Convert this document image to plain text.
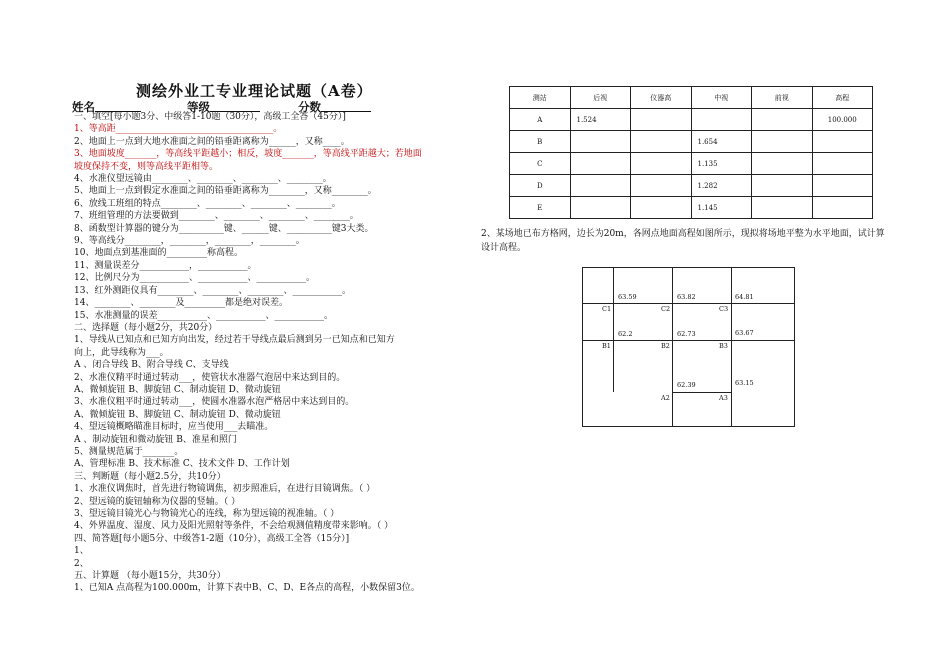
测绘外业工专业理论试题（A卷）
姓名	等级	分数
一、填空[每小题3分、中级答1-10题（30分），高级工全答（45分）]
1、等高距___________________________________。
2、地面上一点到大地水准面之间的铅垂距离称为______，又称____。
3、地面坡度_______，等高线平距越小；相反，坡度_______，等高线平距越大；若地面
坡度保持不变，则等高线平距相等。
4、水准仪望远镜由________、________、________、________。
5、地面上一点到假定水准面之间的铅垂距离称为________，又称________。
6、放线工班组的特点________、________、________、________。
7、班组管理的方法要做到________、________、________、________。
8、函数型计算器的键分为__________键、______键、__________键3大类。
9、等高线分________，________，________，________。
10、地面点到基准面的_________称高程。
11、测量误差分___________，___________。
12、比例尺分为___________、___________、___________。
13、红外测距仪具有________、________、________、___________。
14、________、________及_________都是绝对误差。
15、水准测量的误差___________、___________、___________。
二、选择题（每小题2分，共20分）
1、导线从已知点和已知方向出发，经过若干导线点最后测到另一已知点和已知方
向上，此导线称为___。
A 、闭合导线 B、附合导线 C、支导线
2、水准仪精平时通过转动___，使管状水准器气泡居中来达到目的。
A、微倾旋钮 B、脚旋钮 C、制动旋钮 D、微动旋钮
3、水准仪粗平时通过转动___，使圆水准器水泡严格居中来达到目的。
A、微倾旋钮 B、脚旋钮 C、制动旋钮 D、微动旋钮
4、望远镜概略瞄准目标时，应当使用___去瞄准。
A 、制动旋钮和微动旋钮 B、准星和照门
5、测量规范属于_______。
A、管理标准 B、技术标准 C、技术文件 D、工作计划
三、判断题（每小题2.5分，共10分）
1、水准仪调焦时，首先进行物镜调焦，初步照准后，在进行目镜调焦。（ ）
2、望远镜的旋钮轴称为仪器的竖轴。（ ）
3、望远镜目镜光心与物镜光心的连线，称为望远镜的视准轴。（ ）
4、外界温度、湿度、风力及阳光照射等条件，不会给观测值精度带来影响。（ ）
四、简答题[每小题5分、中级答1-2题（10分），高级工全答（15分）]
1、
2、
五、计算题 （每小题15分，共30分）
1、已知A 点高程为100.000m，计算下表中B、C、D、E各点的高程，小数保留3位。
测站	后视	仪器高	中视	前视	高程
A	1.524				100.000
B			1.654		
C			1.135		
D			1.282		
E			1.145		
2、某场地已布方格网，边长为20m，各网点地面高程如图所示，现拟将场地平整为水平地面，试计算设计高程。
63.59	63.82	64.81
62.2	62.73	63.67
62.39	63.15
C1	C2	C3
B1	B2	B3
A2	A3
